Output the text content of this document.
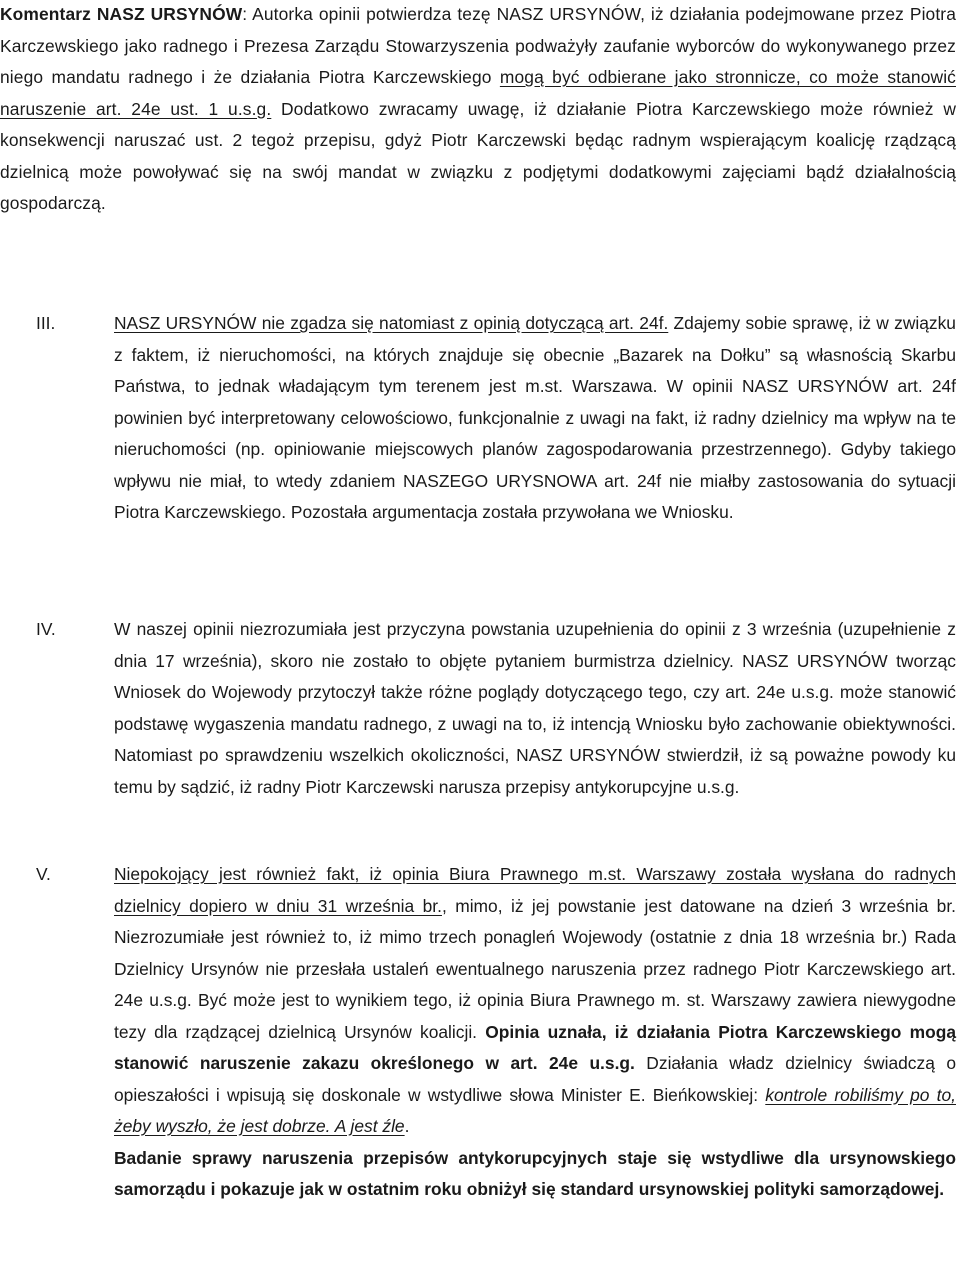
Komentarz NASZ URSYNÓW: Autorka opinii potwierdza tezę NASZ URSYNÓW, iż działania podejmowane przez Piotra Karczewskiego jako radnego i Prezesa Zarządu Stowarzyszenia podważyły zaufanie wyborców do wykonywanego przez niego mandatu radnego i że działania Piotra Karczewskiego mogą być odbierane jako stronnicze, co może stanowić naruszenie art. 24e ust. 1 u.s.g. Dodatkowo zwracamy uwagę, iż działanie Piotra Karczewskiego może również w konsekwencji naruszać ust. 2 tegoż przepisu, gdyż Piotr Karczewski będąc radnym wspierającym koalicję rządzącą dzielnicą może powoływać się na swój mandat w związku z podjętymi dodatkowymi zajęciami bądź działalnością gospodarczą.

III.	NASZ URSYNÓW nie zgadza się natomiast z opinią dotyczącą art. 24f. Zdajemy sobie sprawę, iż w związku z faktem, iż nieruchomości, na których znajduje się obecnie „Bazarek na Dołku” są własnością Skarbu Państwa, to jednak władającym tym terenem jest m.st. Warszawa. W opinii NASZ URSYNÓW art. 24f powinien być interpretowany celowościowo, funkcjonalnie z uwagi na fakt, iż radny dzielnicy ma wpływ na te nieruchomości (np. opiniowanie miejscowych planów zagospodarowania przestrzennego). Gdyby takiego wpływu nie miał, to wtedy zdaniem NASZEGO URYSNOWA art. 24f nie miałby zastosowania do sytuacji Piotra Karczewskiego. Pozostała argumentacja została przywołana we Wniosku.

IV.	W naszej opinii niezrozumiała jest przyczyna powstania uzupełnienia do opinii z 3 września (uzupełnienie z dnia 17 września), skoro nie zostało to objęte pytaniem burmistrza dzielnicy. NASZ URSYNÓW tworząc Wniosek do Wojewody przytoczył także różne poglądy dotyczącego tego, czy art. 24e u.s.g. może stanowić podstawę wygaszenia mandatu radnego, z uwagi na to, iż intencją Wniosku było zachowanie obiektywności. Natomiast po sprawdzeniu wszelkich okoliczności, NASZ URSYNÓW stwierdził, iż są poważne powody ku temu by sądzić, iż radny Piotr Karczewski narusza przepisy antykorupcyjne u.s.g.

V.	Niepokojący jest również fakt, iż opinia Biura Prawnego m.st. Warszawy została wysłana do radnych dzielnicy dopiero w dniu 31 września br., mimo, iż jej powstanie jest datowane na dzień 3 września br. Niezrozumiałe jest również to, iż mimo trzech ponagleń Wojewody (ostatnie z dnia 18 września br.) Rada Dzielnicy Ursynów nie przesłała ustaleń ewentualnego naruszenia przez radnego Piotr Karczewskiego art. 24e u.s.g. Być może jest to wynikiem tego, iż opinia Biura Prawnego m. st. Warszawy zawiera niewygodne tezy dla rządzącej dzielnicą Ursynów koalicji. Opinia uznała, iż działania Piotra Karczewskiego mogą stanowić naruszenie zakazu określonego w art. 24e u.s.g. Działania władz dzielnicy świadczą o opieszałości i wpisują się doskonale w wstydliwe słowa Minister E. Bieńkowskiej: kontrole robiliśmy po to, żeby wyszło, że jest dobrze. A jest źle.

Badanie sprawy naruszenia przepisów antykorupcyjnych staje się wstydliwe dla ursynowskiego samorządu i pokazuje jak w ostatnim roku obniżył się standard ursynowskiej polityki samorządowej.
